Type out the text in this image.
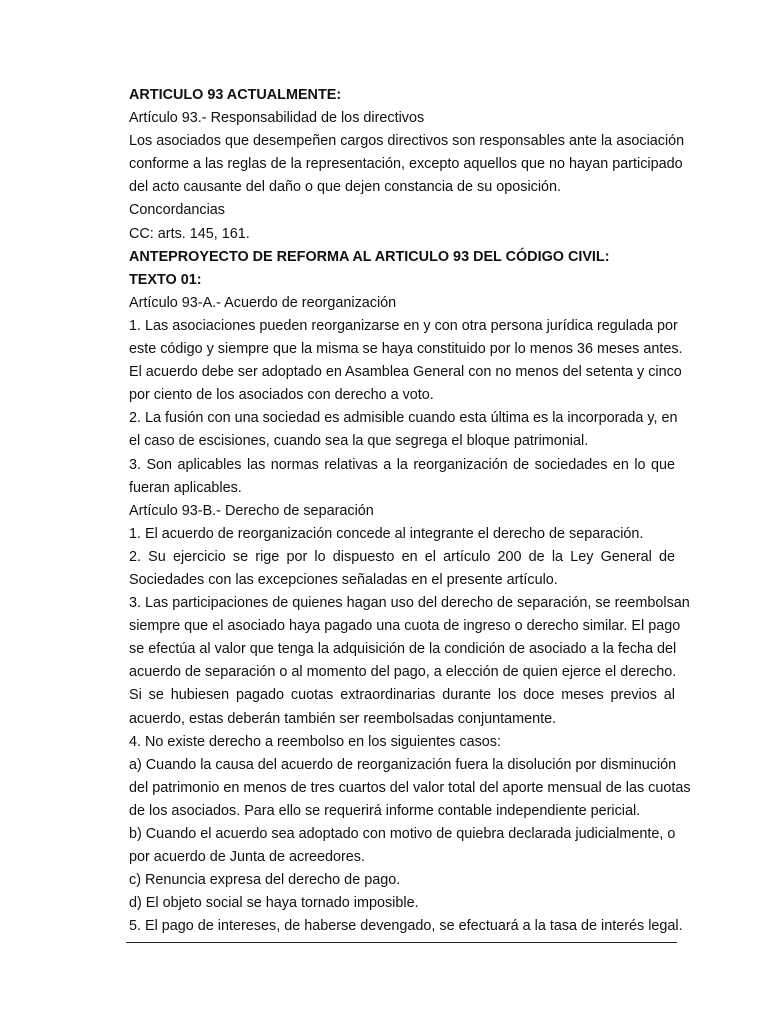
ARTICULO 93 ACTUALMENTE:
Artículo 93.- Responsabilidad de los directivos
Los asociados que desempeñen cargos directivos son responsables ante la asociación
conforme a las reglas de la representación, excepto aquellos que no hayan participado
del acto causante del daño o que dejen constancia de su oposición.
Concordancias
CC: arts. 145, 161.
ANTEPROYECTO DE REFORMA AL ARTICULO 93 DEL CÓDIGO CIVIL:
TEXTO 01:
Artículo 93-A.- Acuerdo de reorganización
1. Las asociaciones pueden reorganizarse en y con otra persona jurídica regulada por
este código y siempre que la misma se haya constituido por lo menos 36 meses antes.
El acuerdo debe ser adoptado en Asamblea General con no menos del setenta y cinco
por ciento de los asociados con derecho a voto.
2. La fusión con una sociedad es admisible cuando esta última es la incorporada y, en
el caso de escisiones, cuando sea la que segrega el bloque patrimonial.
3. Son aplicables las normas relativas a la reorganización de sociedades en lo que
fueran aplicables.
Artículo 93-B.- Derecho de separación
1. El acuerdo de reorganización concede al integrante el derecho de separación.
2. Su ejercicio se rige por lo dispuesto en el artículo 200 de la Ley General de
Sociedades con las excepciones señaladas en el presente artículo.
3. Las participaciones de quienes hagan uso del derecho de separación, se reembolsan
siempre que el asociado haya pagado una cuota de ingreso o derecho similar. El pago
se efectúa al valor que tenga la adquisición de la condición de asociado a la fecha del
acuerdo de separación o al momento del pago, a elección de quien ejerce el derecho.
Si se hubiesen pagado cuotas extraordinarias durante los doce meses previos al
acuerdo, estas deberán también ser reembolsadas conjuntamente.
4. No existe derecho a reembolso en los siguientes casos:
a) Cuando la causa del acuerdo de reorganización fuera la disolución por disminución
del patrimonio en menos de tres cuartos del valor total del aporte mensual de las cuotas
de los asociados. Para ello se requerirá informe contable independiente pericial.
b) Cuando el acuerdo sea adoptado con motivo de quiebra declarada judicialmente, o
por acuerdo de Junta de acreedores.
c) Renuncia expresa del derecho de pago.
d) El objeto social se haya tornado imposible.
5. El pago de intereses, de haberse devengado, se efectuará a la tasa de interés legal.
